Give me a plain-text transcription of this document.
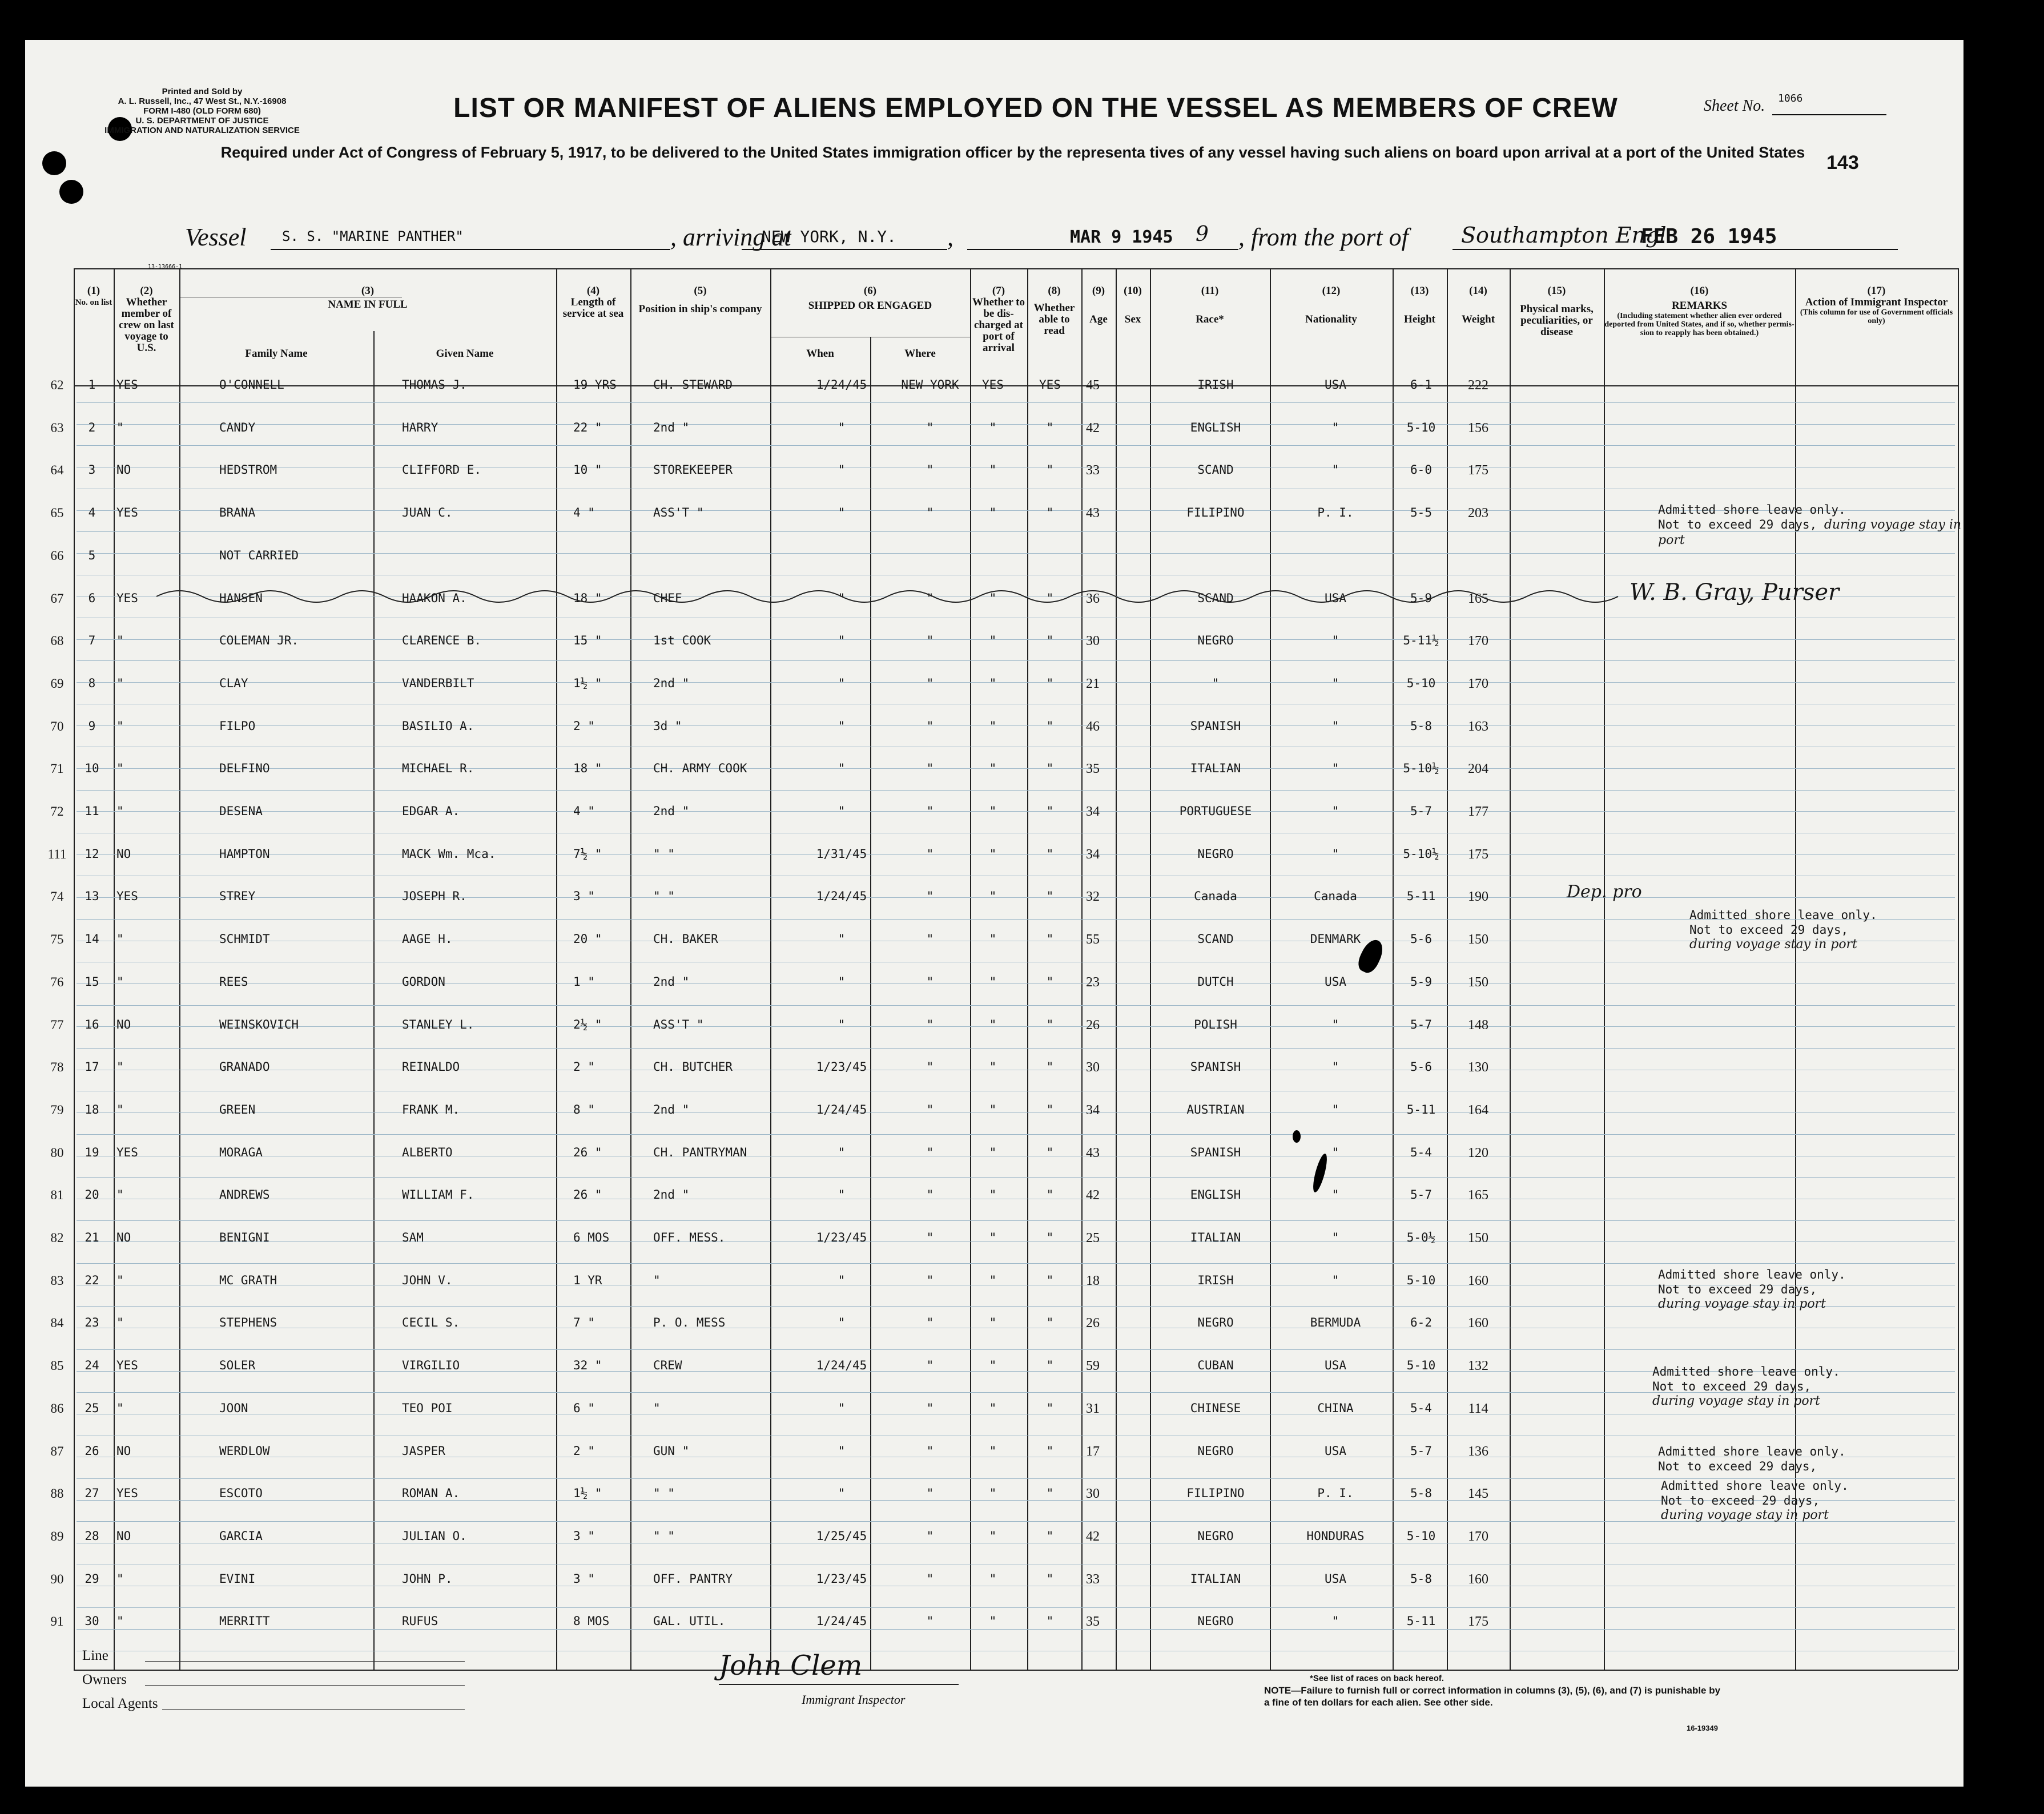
Printed and Sold by
A. L. Russell, Inc., 47 West St., N.Y.-16908
FORM I-480 (OLD FORM 680)
U. S. DEPARTMENT OF JUSTICE
IMMIGRATION AND NATURALIZATION SERVICE
LIST OR MANIFEST OF ALIENS EMPLOYED ON THE VESSEL AS MEMBERS OF CREW	Sheet No. 1066
Required under Act of Congress of February 5, 1917, to be delivered to the United States immigration officer by the representa tives of any vessel having such aliens on board upon arrival at a port of the United States	143
Vessel	S. S. "MARINE PANTHER"	, arriving at
NEW YORK, N.Y. ,	MAR 9 1945 9 , from the port of Southampton Engl
FEB 26 1945
13-13666-1
(1)
No. on list
(2)
Whether member of crew on last voyage to U.S.
(3)
NAME IN FULL
Family Name	Given Name
(4)
Length of service at sea
(5)
Position in ship's company
(6)
SHIPPED OR ENGAGED
When	Where
(7)
Whether to be dis-charged at port of arrival
(8)
Whether able to read
(9)
Age
(10)
Sex
(11)
Race*
(12)
Nationality
(13)
Height
(14)
Weight
(15)
Physical marks, peculiarities, or disease
(16)
REMARKS
(Including statement whether alien ever ordered deported from United States, and if so, whether permis-sion to reapply has been obtained.)
(17)
Action of Immigrant Inspector
(This column for use of Government officials only)
62	1	YES	O'CONNELL	THOMAS J.	19 YRS	CH. STEWARD	1/24/45	NEW YORK	YES	YES	45	IRISH	USA	6-1	222
63	2	"	CANDY	HARRY	22 "	2nd "	"	"	"	"	42	ENGLISH	"	5-10	156
64	3	NO	HEDSTROM	CLIFFORD E.	10 "	STOREKEEPER	"	"	"	"	33	SCAND	"	6-0	175
65	4	YES	BRANA	JUAN C.	4 "	ASS'T "	"	"	"	"	43	FILIPINO	P. I.	5-5	203
66	5	NOT CARRIED
67	6	YES	HANSEN	HAAKON A.	18 "	CHEF	"	"	"	"	36	SCAND	USA	5-9	165
68	7	"	COLEMAN JR.	CLARENCE B.	15 "	1st COOK	"	"	"	"	30	NEGRO	"	5-11½	170
69	8	"	CLAY	VANDERBILT	1½ "	2nd "	"	"	"	"	21	"	"	5-10	170
70	9	"	FILPO	BASILIO A.	2 "	3d "	"	"	"	"	46	SPANISH	"	5-8	163
71	10	"	DELFINO	MICHAEL R.	18 "	CH. ARMY COOK	"	"	"	"	35	ITALIAN	"	5-10½	204
72	11	"	DESENA	EDGAR A.	4 "	2nd "	"	"	"	"	34	PORTUGUESE	"	5-7	177
111	12	NO	HAMPTON	MACK Wm. Mca.	7½ "	" "	1/31/45	"	"	"	34	NEGRO	"	5-10½	175
74	13	YES	STREY	JOSEPH R.	3 "	" "	1/24/45	"	"	"	32	Canada	Canada	5-11	190
75	14	"	SCHMIDT	AAGE H.	20 "	CH. BAKER	"	"	"	"	55	SCAND	DENMARK	5-6	150
76	15	"	REES	GORDON	1 "	2nd "	"	"	"	"	23	DUTCH	USA	5-9	150
77	16	NO	WEINSKOVICH	STANLEY L.	2½ "	ASS'T "	"	"	"	"	26	POLISH	"	5-7	148
78	17	"	GRANADO	REINALDO	2 "	CH. BUTCHER	1/23/45	"	"	"	30	SPANISH	"	5-6	130
79	18	"	GREEN	FRANK M.	8 "	2nd "	1/24/45	"	"	"	34	AUSTRIAN	"	5-11	164
80	19	YES	MORAGA	ALBERTO	26 "	CH. PANTRYMAN	"	"	"	"	43	SPANISH	"	5-4	120
81	20	"	ANDREWS	WILLIAM F.	26 "	2nd "	"	"	"	"	42	ENGLISH	"	5-7	165
82	21	NO	BENIGNI	SAM	6 MOS	OFF. MESS.	1/23/45	"	"	"	25	ITALIAN	"	5-0½	150
83	22	"	MC GRATH	JOHN V.	1 YR	"	"	"	"	"	18	IRISH	"	5-10	160
84	23	"	STEPHENS	CECIL S.	7 "	P. O. MESS	"	"	"	"	26	NEGRO	BERMUDA	6-2	160
85	24	YES	SOLER	VIRGILIO	32 "	CREW	1/24/45	"	"	"	59	CUBAN	USA	5-10	132
86	25	"	JOON	TEO POI	6 "	"	"	"	"	"	31	CHINESE	CHINA	5-4	114
87	26	NO	WERDLOW	JASPER	2 "	GUN "	"	"	"	"	17	NEGRO	USA	5-7	136
88	27	YES	ESCOTO	ROMAN A.	1½ "	" "	"	"	"	"	30	FILIPINO	P. I.	5-8	145
89	28	NO	GARCIA	JULIAN O.	3 "	" "	1/25/45	"	"	"	42	NEGRO	HONDURAS	5-10	170
90	29	"	EVINI	JOHN P.	3 "	OFF. PANTRY	1/23/45	"	"	"	33	ITALIAN	USA	5-8	160
91	30	"	MERRITT	RUFUS	8 MOS	GAL. UTIL.	1/24/45	"	"	"	35	NEGRO	"	5-11	175
Admitted shore leave only.
Not to exceed 29 days, during voyage stay in port
W. B. Gray, Purser
Dep. pro
Admitted shore leave only.
Not to exceed 29 days,
during voyage stay in port
Admitted shore leave only.
Not to exceed 29 days,
during voyage stay in port
Admitted shore leave only.
Not to exceed 29 days,
during voyage stay in port
Admitted shore leave only.
Not to exceed 29 days,
Admitted shore leave only.
Not to exceed 29 days,
during voyage stay in port
Line
Owners
Local Agents
John Clem
Immigrant Inspector
*See list of races on back hereof.
NOTE—Failure to furnish full or correct information in columns (3), (5), (6), and (7) is punishable by a fine of ten dollars for each alien. See other side.
16-19349
